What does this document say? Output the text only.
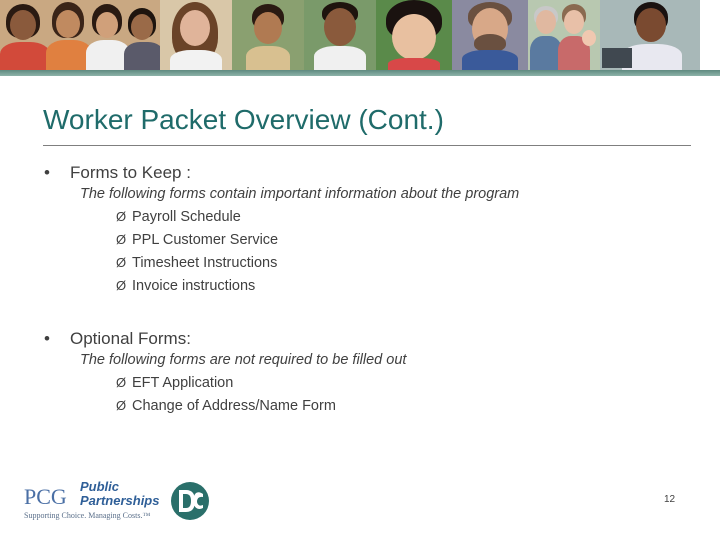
Worker Packet Overview (Cont.)
• Forms to Keep :
The following forms contain important information about the program
Ø Payroll Schedule
Ø PPL Customer Service
Ø Timesheet Instructions
Ø Invoice instructions
• Optional Forms:
The following forms are not required to be filled out
Ø EFT Application
Ø Change of Address/Name Form
PCG Public
Partnerships
Supporting Choice. Managing Costs.™
12
